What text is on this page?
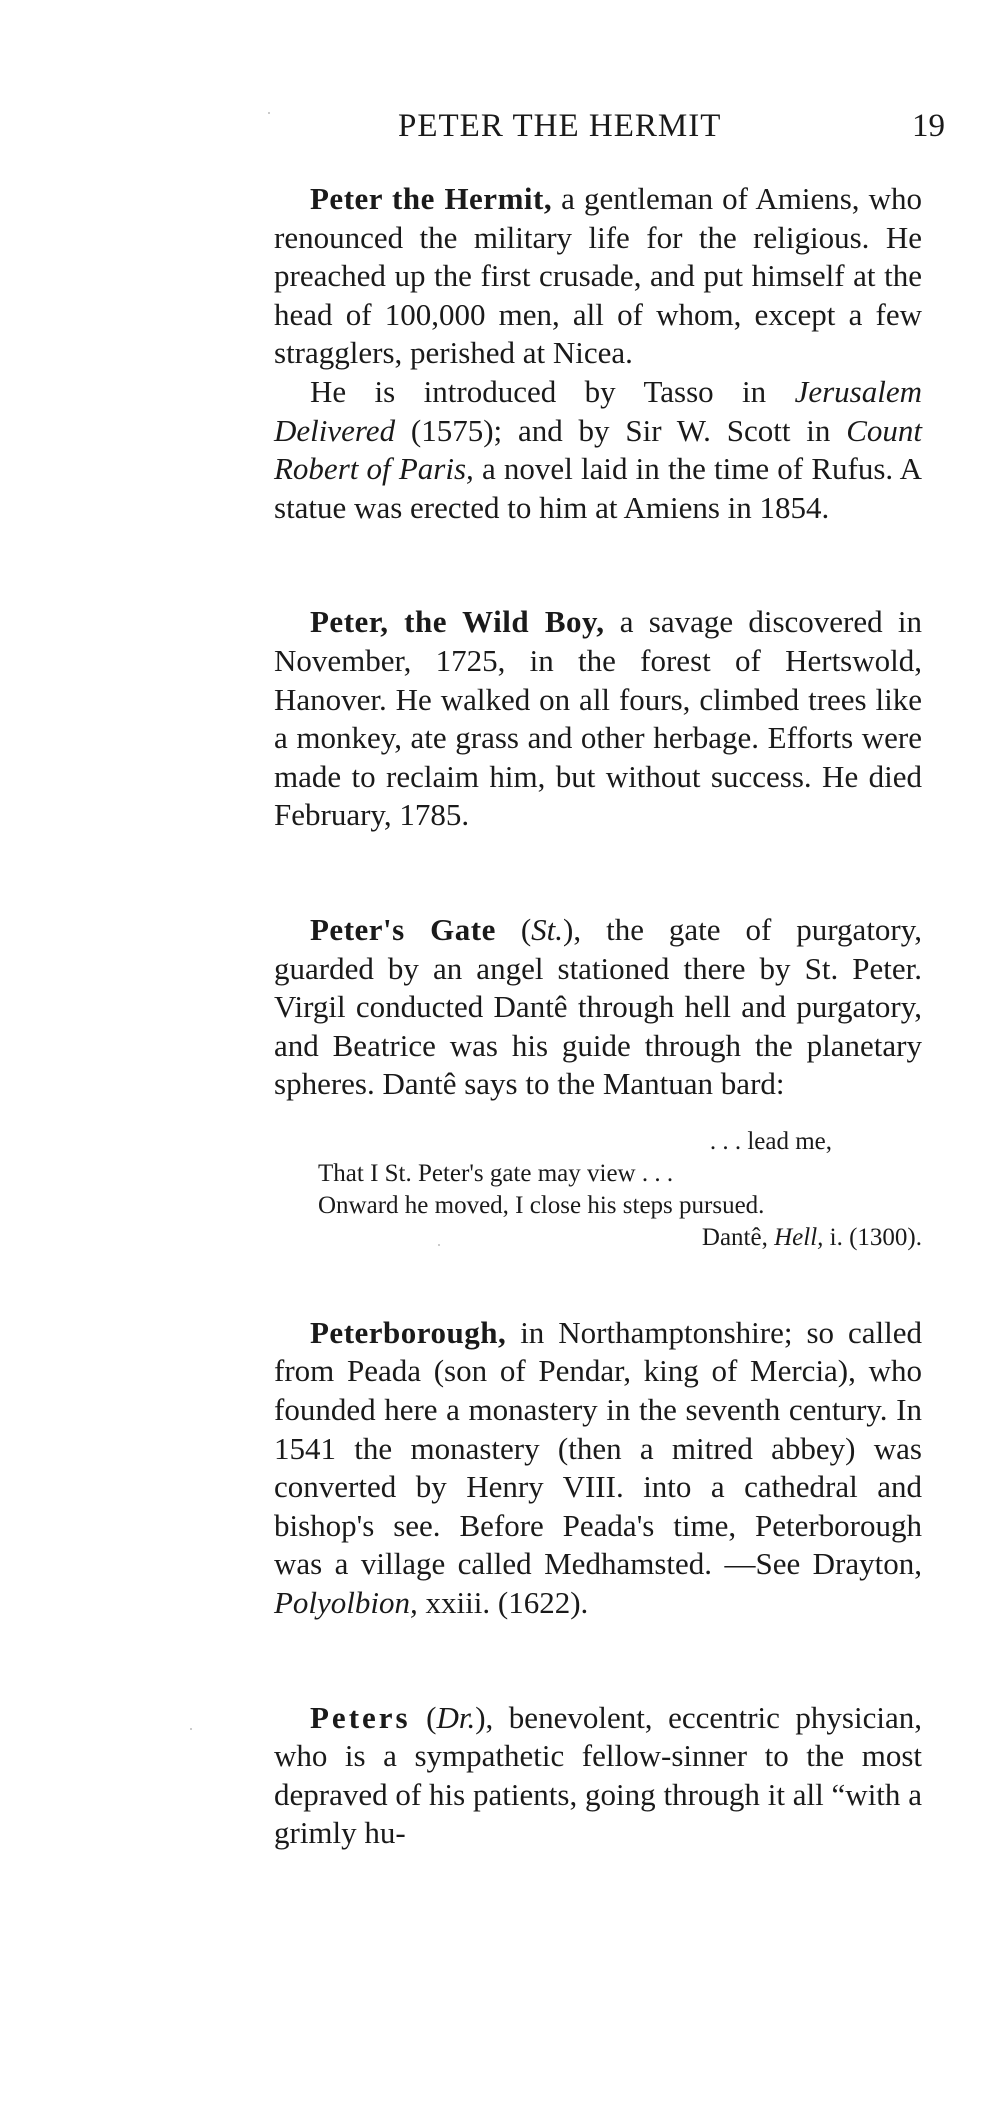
PETER THE HERMIT	19

Peter the Hermit, a gentleman of Amiens, who renounced the military life for the religious. He preached up the first crusade, and put himself at the head of 100,000 men, all of whom, except a few stragglers, perished at Nicea.

He is introduced by Tasso in Jerusalem Delivered (1575); and by Sir W. Scott in Count Robert of Paris, a novel laid in the time of Rufus. A statue was erected to him at Amiens in 1854.

Peter, the Wild Boy, a savage discovered in November, 1725, in the forest of Hertswold, Hanover. He walked on all fours, climbed trees like a monkey, ate grass and other herbage. Efforts were made to reclaim him, but without success. He died February, 1785.

Peter's Gate (St.), the gate of purgatory, guarded by an angel stationed there by St. Peter. Virgil conducted Dantê through hell and purgatory, and Beatrice was his guide through the planetary spheres. Dantê says to the Mantuan bard:

. . . lead me,
That I St. Peter's gate may view . . .
Onward he moved, I close his steps pursued.
Dantê, Hell, i. (1300).

Peterborough, in Northamptonshire; so called from Peada (son of Pendar, king of Mercia), who founded here a monastery in the seventh century. In 1541 the monastery (then a mitred abbey) was converted by Henry VIII. into a cathedral and bishop's see. Before Peada's time, Peterborough was a village called Medhamsted. —See Drayton, Polyolbion, xxiii. (1622).

Peters (Dr.), benevolent, eccentric physician, who is a sympathetic fellow-sinner to the most depraved of his patients, going through it all “with a grimly hu-
